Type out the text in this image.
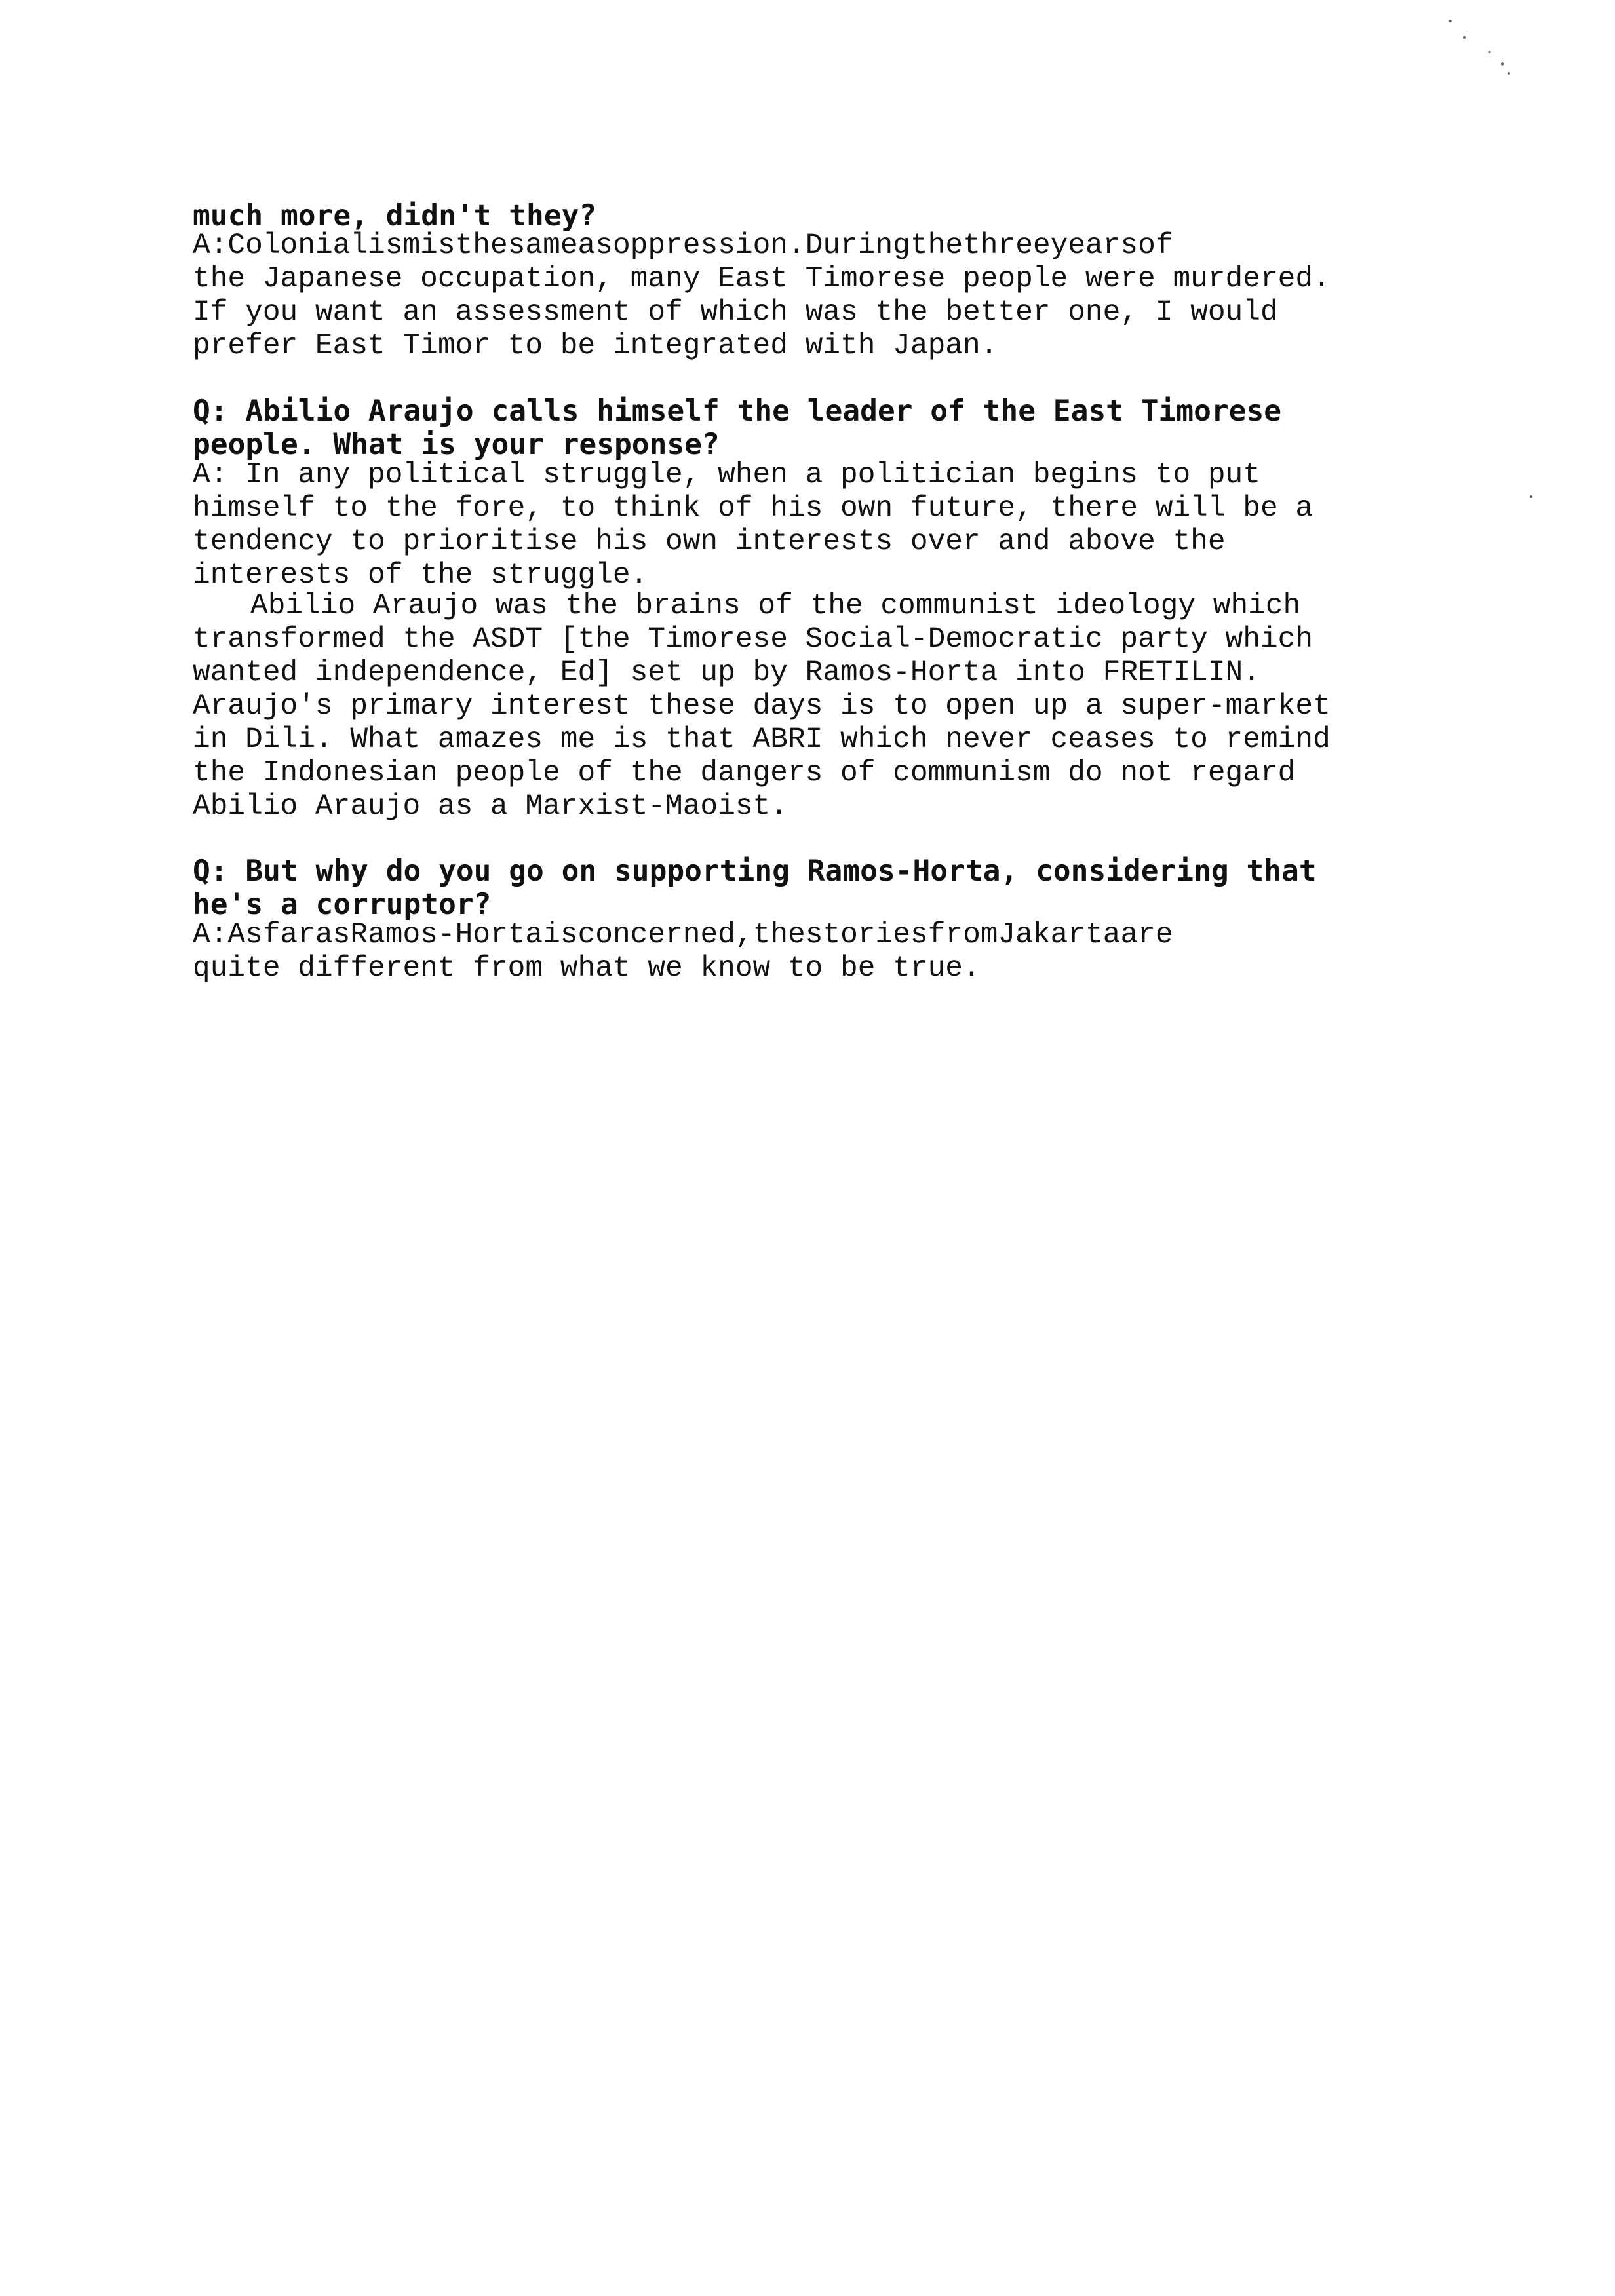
much more, didn't they?
A:Colonialismisthesameasoppression.Duringthethreeyearsof
the Japanese occupation, many East Timorese people were murdered.
If you want an assessment of which was the better one, I would
prefer East Timor to be integrated with Japan.
Q: Abilio Araujo calls himself the leader of the East Timorese
people. What is your response?
A: In any political struggle, when a politician begins to put
himself to the fore, to think of his own future, there will be a
tendency to prioritise his own interests over and above the
interests of the struggle.
Abilio Araujo was the brains of the communist ideology which
transformed the ASDT [the Timorese Social-Democratic party which
wanted independence, Ed] set up by Ramos-Horta into FRETILIN.
Araujo's primary interest these days is to open up a super-market
in Dili. What amazes me is that ABRI which never ceases to remind
the Indonesian people of the dangers of communism do not regard
Abilio Araujo as a Marxist-Maoist.
Q: But why do you go on supporting Ramos-Horta, considering that
he's a corruptor?
A:AsfarasRamos-Hortaisconcerned,thestoriesfromJakartaare
quite different from what we know to be true.
